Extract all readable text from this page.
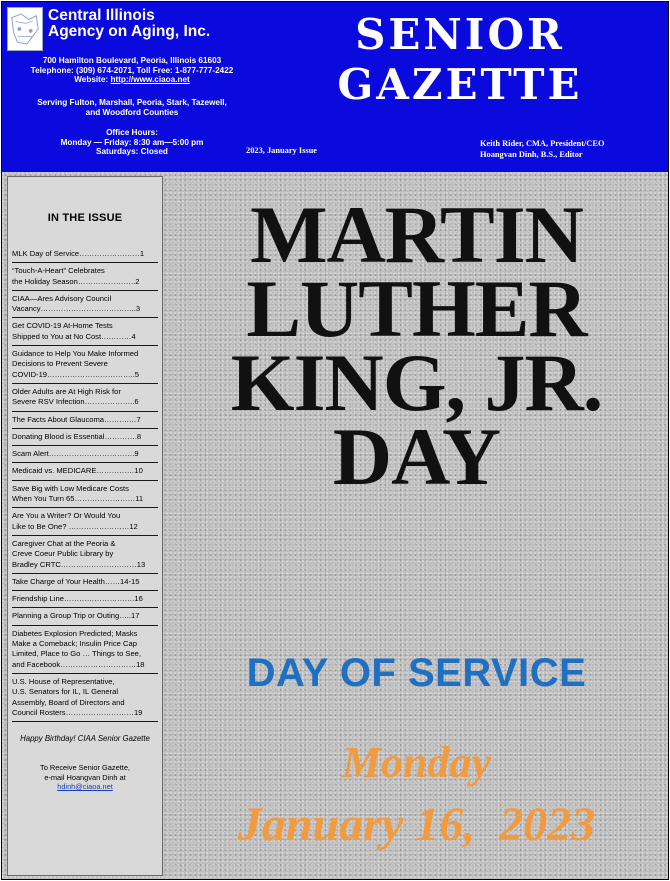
Central Illinois
Agency on Aging, Inc.
700 Hamilton Boulevard, Peoria, Illinois 61603
Telephone: (309) 674-2071, Toll Free: 1-877-777-2422
Website: http://www.ciaoa.net
Serving Fulton, Marshall, Peoria, Stark, Tazewell,
and Woodford Counties
Office Hours:
Monday — Friday: 8:30 am—5:00 pm
Saturdays: Closed	2023, January Issue
SENIOR
GAZETTE
Keith Rider, CMA, President/CEO
Hoangvan Dinh, B.S., Editor
IN THE ISSUE
MLK Day of Service……………………1
“Touch-A-Heart” Celebrates
the Holiday Season…………………..2
CIAA—Ares Advisory Council
Vacancy………………………………..3
Get COVID-19 At-Home Tests
Shipped to You at No Cost…………4
Guidance to Help You Make Informed
Decisions to Prevent Severe
COVID-19……………………………..5
Older Adults are At High Risk for
Severe RSV Infection………………..6
The Facts About Glaucoma……….…7
Donating Blood is Essential………….8
Scam Alert…………………………….9
Medicaid vs. MEDICARE……………10
Save Big with Low Medicare Costs
When You Turn 65……………………11
Are You a Writer? Or Would You
Like to Be One? ……………………12
Caregiver Chat at the Peoria &
Creve Coeur Public Library by
Bradley CRTC…………………………13
Take Charge of Your Health……14-15
Friendship Line……………………….16
Planning a Group Trip or Outing…..17
Diabetes Explosion Predicted; Masks
Make a Comeback; Insulin Price Cap
Limited, Place to Go … Things to See,
and Facebook…………………………18
U.S. House of Representative,
U.S. Senators for IL, IL General
Assembly, Board of Directors and
Council Rosters………………………19
Happy Birthday! CIAA Senior Gazette
To Receive Senior Gazette,
e-mail Hoangvan Dinh at
hdinh@ciaoa.net
MARTIN
LUTHER
KING, JR.
DAY
DAY OF SERVICE
Monday
January 16,  2023
